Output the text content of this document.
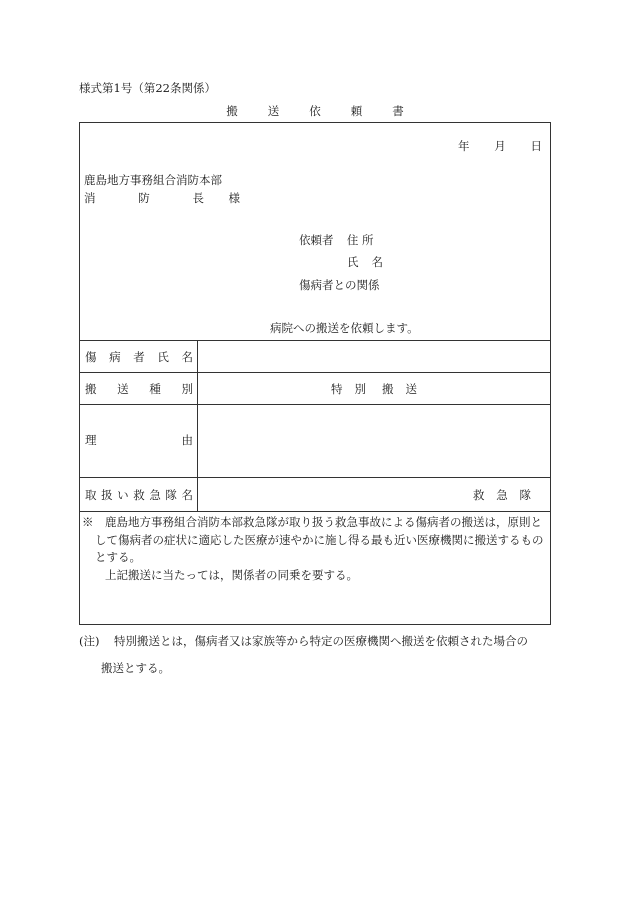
様式第1号（第22条関係）
搬	送	依	頼	書
年 月 日
鹿島地方事務組合消防本部
消	防	長 様
依頼者 住 所
氏 名
傷病者との関係
病院への搬送を依頼します。
傷 病 者 氏 名
搬 送 種 別	特 別 搬 送
理	由
取 扱 い 救 急 隊 名	救 急 隊
※　鹿島地方事務組合消防本部救急隊が取り扱う救急事故による傷病者の搬送は，原則として傷病者の症状に適応した医療が速やかに施し得る最も近い医療機関に搬送するものとする。
上記搬送に当たっては，関係者の同乗を要する。
(注) 特別搬送とは，傷病者又は家族等から特定の医療機関へ搬送を依頼された場合の
搬送とする。
